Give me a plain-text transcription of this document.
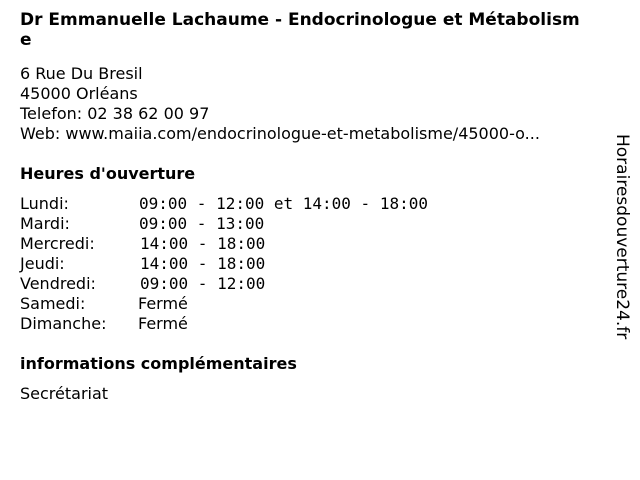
Dr Emmanuelle Lachaume - Endocrinologue et Métabolisme
6 Rue Du Bresil
45000 Orléans
Telefon: 02 38 62 00 97
Web: www.maiia.com/endocrinologue-et-metabolisme/45000-o...
Heures d'ouverture
Lundi:	09:00 - 12:00 et 14:00 - 18:00
Mardi:	09:00 - 13:00
Mercredi:	14:00 - 18:00
Jeudi:	14:00 - 18:00
Vendredi:	09:00 - 12:00
Samedi:	Fermé
Dimanche: Fermé
informations complémentaires
Secrétariat
Horairesdouverture24.fr
